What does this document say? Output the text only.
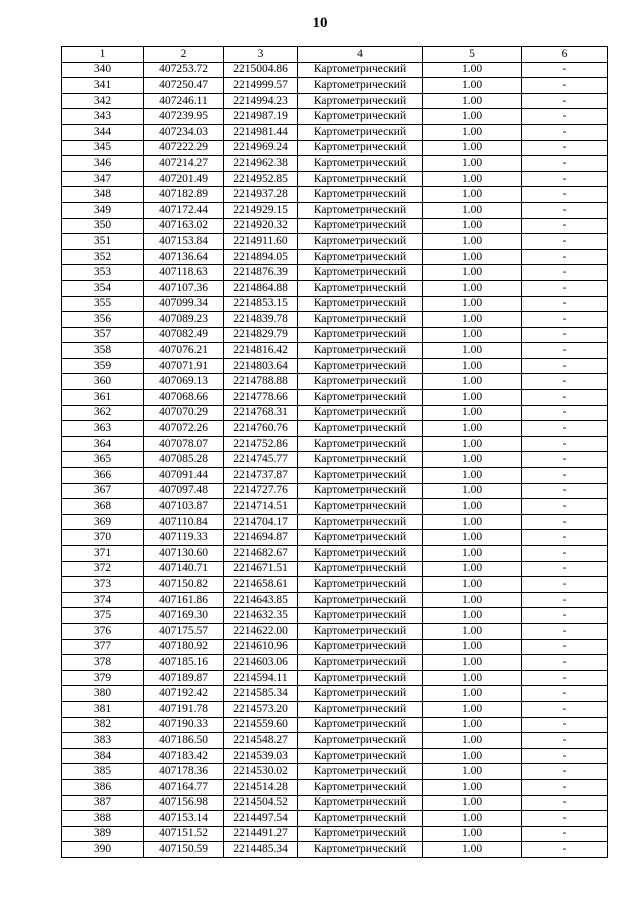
10
1	2	3	4	5	6
340	407253.72	2215004.86	Картометрический	1.00	-
341	407250.47	2214999.57	Картометрический	1.00	-
342	407246.11	2214994.23	Картометрический	1.00	-
343	407239.95	2214987.19	Картометрический	1.00	-
344	407234.03	2214981.44	Картометрический	1.00	-
345	407222.29	2214969.24	Картометрический	1.00	-
346	407214.27	2214962.38	Картометрический	1.00	-
347	407201.49	2214952.85	Картометрический	1.00	-
348	407182.89	2214937.28	Картометрический	1.00	-
349	407172.44	2214929.15	Картометрический	1.00	-
350	407163.02	2214920.32	Картометрический	1.00	-
351	407153.84	2214911.60	Картометрический	1.00	-
352	407136.64	2214894.05	Картометрический	1.00	-
353	407118.63	2214876.39	Картометрический	1.00	-
354	407107.36	2214864.88	Картометрический	1.00	-
355	407099.34	2214853.15	Картометрический	1.00	-
356	407089.23	2214839.78	Картометрический	1.00	-
357	407082.49	2214829.79	Картометрический	1.00	-
358	407076.21	2214816.42	Картометрический	1.00	-
359	407071.91	2214803.64	Картометрический	1.00	-
360	407069.13	2214788.88	Картометрический	1.00	-
361	407068.66	2214778.66	Картометрический	1.00	-
362	407070.29	2214768.31	Картометрический	1.00	-
363	407072.26	2214760.76	Картометрический	1.00	-
364	407078.07	2214752.86	Картометрический	1.00	-
365	407085.28	2214745.77	Картометрический	1.00	-
366	407091.44	2214737.87	Картометрический	1.00	-
367	407097.48	2214727.76	Картометрический	1.00	-
368	407103.87	2214714.51	Картометрический	1.00	-
369	407110.84	2214704.17	Картометрический	1.00	-
370	407119.33	2214694.87	Картометрический	1.00	-
371	407130.60	2214682.67	Картометрический	1.00	-
372	407140.71	2214671.51	Картометрический	1.00	-
373	407150.82	2214658.61	Картометрический	1.00	-
374	407161.86	2214643.85	Картометрический	1.00	-
375	407169.30	2214632.35	Картометрический	1.00	-
376	407175.57	2214622.00	Картометрический	1.00	-
377	407180.92	2214610.96	Картометрический	1.00	-
378	407185.16	2214603.06	Картометрический	1.00	-
379	407189.87	2214594.11	Картометрический	1.00	-
380	407192.42	2214585.34	Картометрический	1.00	-
381	407191.78	2214573.20	Картометрический	1.00	-
382	407190.33	2214559.60	Картометрический	1.00	-
383	407186.50	2214548.27	Картометрический	1.00	-
384	407183.42	2214539.03	Картометрический	1.00	-
385	407178.36	2214530.02	Картометрический	1.00	-
386	407164.77	2214514.28	Картометрический	1.00	-
387	407156.98	2214504.52	Картометрический	1.00	-
388	407153.14	2214497.54	Картометрический	1.00	-
389	407151.52	2214491.27	Картометрический	1.00	-
390	407150.59	2214485.34	Картометрический	1.00	-
